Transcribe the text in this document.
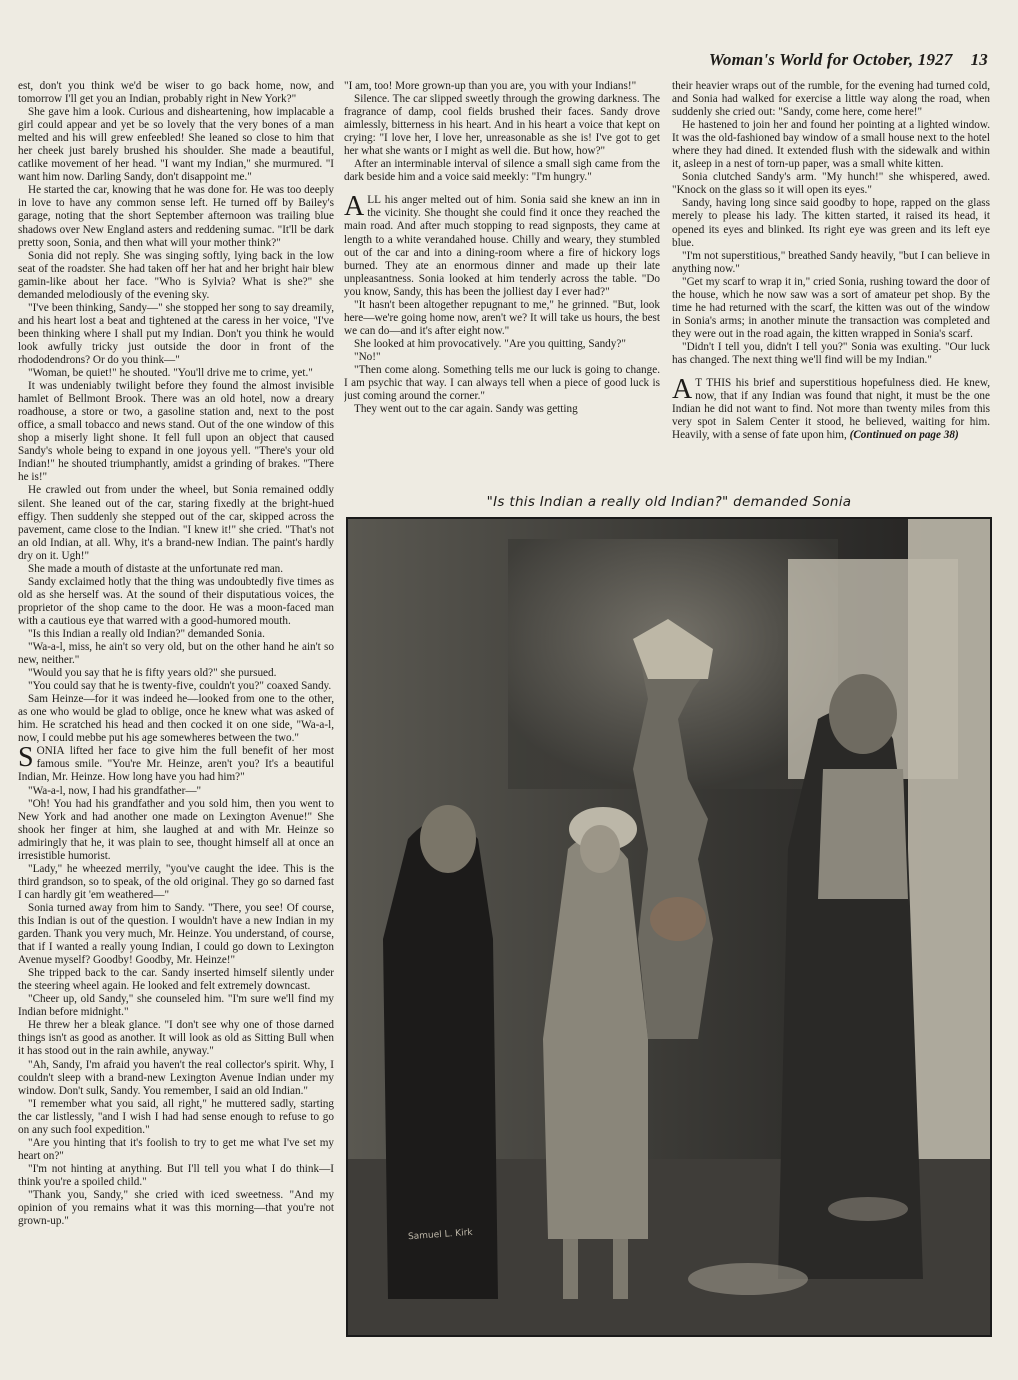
Woman's World for October, 1927 13

est, don't you think we'd be wiser to go back home, now, and tomorrow I'll get you an Indian, probably right in New York?"

She gave him a look. Curious and disheartening, how implacable a girl could appear and yet be so lovely that the very bones of a man melted and his will grew enfeebled! She leaned so close to him that her cheek just barely brushed his shoulder. She made a beautiful, catlike movement of her head. "I want my Indian," she murmured. "I want him now. Darling Sandy, don't disappoint me."

He started the car, knowing that he was done for. He was too deeply in love to have any common sense left. He turned off by Bailey's garage, noting that the short September afternoon was trailing blue shadows over New England asters and reddening sumac. "It'll be dark pretty soon, Sonia, and then what will your mother think?"

Sonia did not reply. She was singing softly, lying back in the low seat of the roadster. She had taken off her hat and her bright hair blew gamin-like about her face. "Who is Sylvia? What is she?" she demanded melodiously of the evening sky.

"I've been thinking, Sandy—" she stopped her song to say dreamily, and his heart lost a beat and tightened at the caress in her voice, "I've been thinking where I shall put my Indian. Don't you think he would look awfully tricky just outside the door in front of the rhododendrons? Or do you think—"

"Woman, be quiet!" he shouted. "You'll drive me to crime, yet."

It was undeniably twilight before they found the almost invisible hamlet of Bellmont Brook. There was an old hotel, now a dreary roadhouse, a store or two, a gasoline station and, next to the post office, a small tobacco and news stand. Out of the one window of this shop a miserly light shone. It fell full upon an object that caused Sandy's whole being to expand in one joyous yell. "There's your old Indian!" he shouted triumphantly, amidst a grinding of brakes. "There he is!"

He crawled out from under the wheel, but Sonia remained oddly silent. She leaned out of the car, staring fixedly at the bright-hued effigy. Then suddenly she stepped out of the car, skipped across the pavement, came close to the Indian. "I knew it!" she cried. "That's not an old Indian, at all. Why, it's a brand-new Indian. The paint's hardly dry on it. Ugh!"

She made a mouth of distaste at the unfortunate red man.

Sandy exclaimed hotly that the thing was undoubtedly five times as old as she herself was. At the sound of their disputatious voices, the proprietor of the shop came to the door. He was a moon-faced man with a cautious eye that warred with a good-humored mouth.

"Is this Indian a really old Indian?" demanded Sonia.

"Wa-a-l, miss, he ain't so very old, but on the other hand he ain't so new, neither."

"Would you say that he is fifty years old?" she pursued.

"You could say that he is twenty-five, couldn't you?" coaxed Sandy.

Sam Heinze—for it was indeed he—looked from one to the other, as one who would be glad to oblige, once he knew what was asked of him. He scratched his head and then cocked it on one side, "Wa-a-l, now, I could mebbe put his age somewheres between the two."

SONIA lifted her face to give him the full benefit of her most famous smile. "You're Mr. Heinze, aren't you? It's a beautiful Indian, Mr. Heinze. How long have you had him?"

"Wa-a-l, now, I had his grandfather—"

"Oh! You had his grandfather and you sold him, then you went to New York and had another one made on Lexington Avenue!" She shook her finger at him, she laughed at and with Mr. Heinze so admiringly that he, it was plain to see, thought himself all at once an irresistible humorist.

"Lady," he wheezed merrily, "you've caught the idee. This is the third grandson, so to speak, of the old original. They go so darned fast I can hardly git 'em weathered—"

Sonia turned away from him to Sandy. "There, you see! Of course, this Indian is out of the question. I wouldn't have a new Indian in my garden. Thank you very much, Mr. Heinze. You understand, of course, that if I wanted a really young Indian, I could go down to Lexington Avenue myself? Goodby! Goodby, Mr. Heinze!"

She tripped back to the car. Sandy inserted himself silently under the steering wheel again. He looked and felt extremely downcast.

"Cheer up, old Sandy," she counseled him. "I'm sure we'll find my Indian before midnight."

He threw her a bleak glance. "I don't see why one of those darned things isn't as good as another. It will look as old as Sitting Bull when it has stood out in the rain awhile, anyway."

"Ah, Sandy, I'm afraid you haven't the real collector's spirit. Why, I couldn't sleep with a brand-new Lexington Avenue Indian under my window. Don't sulk, Sandy. You remember, I said an old Indian."

"I remember what you said, all right," he muttered sadly, starting the car listlessly, "and I wish I had had sense enough to refuse to go on any such fool expedition."

"Are you hinting that it's foolish to try to get me what I've set my heart on?"

"I'm not hinting at anything. But I'll tell you what I do think—I think you're a spoiled child."

"Thank you, Sandy," she cried with iced sweetness. "And my opinion of you remains what it was this morning—that you're not grown-up."

"I am, too! More grown-up than you are, you with your Indians!"

Silence. The car slipped sweetly through the growing darkness. The fragrance of damp, cool fields brushed their faces. Sandy drove aimlessly, bitterness in his heart. And in his heart a voice that kept on crying: "I love her, I love her, unreasonable as she is! I've got to get her what she wants or I might as well die. But how, how?"

After an interminable interval of silence a small sigh came from the dark beside him and a voice said meekly: "I'm hungry."

ALL his anger melted out of him. Sonia said she knew an inn in the vicinity. She thought she could find it once they reached the main road. And after much stopping to read signposts, they came at length to a white verandahed house. Chilly and weary, they stumbled out of the car and into a dining-room where a fire of hickory logs burned. They ate an enormous dinner and made up their late unpleasantness. Sonia looked at him tenderly across the table. "Do you know, Sandy, this has been the jolliest day I ever had?"

"It hasn't been altogether repugnant to me," he grinned. "But, look here—we're going home now, aren't we? It will take us hours, the best we can do—and it's after eight now."

She looked at him provocatively. "Are you quitting, Sandy?"

"No!"

"Then come along. Something tells me our luck is going to change. I am psychic that way. I can always tell when a piece of good luck is just coming around the corner."

They went out to the car again. Sandy was getting

their heavier wraps out of the rumble, for the evening had turned cold, and Sonia had walked for exercise a little way along the road, when suddenly she cried out: "Sandy, come here, come here!"

He hastened to join her and found her pointing at a lighted window. It was the old-fashioned bay window of a small house next to the hotel where they had dined. It extended flush with the sidewalk and within it, asleep in a nest of torn-up paper, was a small white kitten.

Sonia clutched Sandy's arm. "My hunch!" she whispered, awed. "Knock on the glass so it will open its eyes."

Sandy, having long since said goodby to hope, rapped on the glass merely to please his lady. The kitten started, it raised its head, it opened its eyes and blinked. Its right eye was green and its left eye blue.

"I'm not superstitious," breathed Sandy heavily, "but I can believe in anything now."

"Get my scarf to wrap it in," cried Sonia, rushing toward the door of the house, which he now saw was a sort of amateur pet shop. By the time he had returned with the scarf, the kitten was out of the window in Sonia's arms; in another minute the transaction was completed and they were out in the road again, the kitten wrapped in Sonia's scarf.

"Didn't I tell you, didn't I tell you?" Sonia was exulting. "Our luck has changed. The next thing we'll find will be my Indian."

A T THIS his brief and superstitious hopefulness died. He knew, now, that if any Indian was found that night, it must be the one Indian he did not want to find. Not more than twenty miles from this very spot in Salem Center it stood, he believed, waiting for him. Heavily, with a sense of fate upon him, (Continued on page 38)

"Is this Indian a really old Indian?" demanded Sonia
Samuel L. Kirk
